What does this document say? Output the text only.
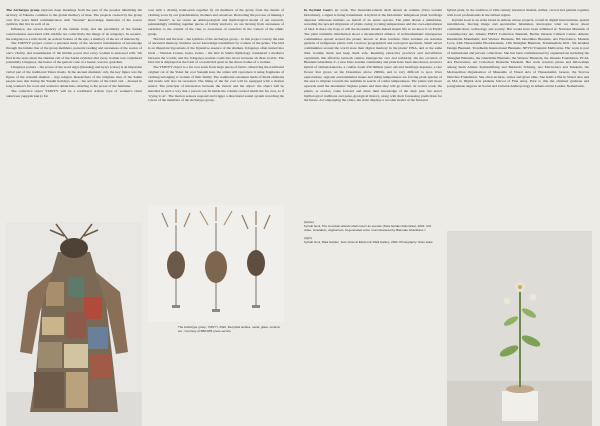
The Archetype group explores deep meanings from the past of the peoples inhabiting the territory of Yakutia, common to the global memory of man. The projects created by the group over five years build communication with “internal” knowledge, memories of the source symbols that live in each of us.

Influence, the sacred memory of the female body, and the peculiarity of the female consciousness associated with wildlife are collectively the image of an udagança. In esoteric, the udagança is a relic motif, an archaic feature of the epic, a memory of the era of matriarchy.

The YMNYY project covers a personal study of the ancestral transmission of knowledge through the female line of the group members, personal reading and awareness of the source of one’s vitality, and transmission of the hidden power that every woman is endowed with. We find in the texts about the shaman call of the Sakha evidence that every woman was considered potentially Udagança, the bearer of the genetic code of a healer, warrior, guardian.

Udagança posters – the power of the word algys (blessing) and kyrys (curse) is an important verbal part of the traditional Yakut rituals. In the ancient shamanic cult, the key figure was the figure of the celestial shaman – aiyy udagan. Researchers of the religious rites of the Sakha people note that during the Yesekh holidays, men – the servants of the tribal cult – dressed in long women’s fur coats and women’s dabak hats, referring to the power of the feminine.

The collective object YMNYY will be a traditional archaic type of women’s ritual outerwear yeppyah kun (a fur

coat with a charm), hand-sewn together by all members of the group from the details of clothing worn by our grandmothers, mothers and ourselves. Recreating the process of making a ritual “dream”, as we create an anthropological and mythological model of our research, painstakingly stitching together pieces of family artefacts, we are moving from awareness of ourselves to the content of the clan, to awareness of ourselves in the context of the ethnic group.

The bird and the nest – the symbols of the Archetype group – in this project convey the idea of ancestral memory, intuitive secret knowledge transmitted by women of the genus. The bird is an important hypostasis of the figurative essence of the shaman. Udagança often turned into birds – Siberian Cranes, loons, swans – the bird in Sakha mythology considered a mediator between the worlds; and the Udagança-woman could also move between all three worlds. The bird cult is displayed in the form of a totem bird spirit in the ritual clothes of a woman.

The YMNYY object is a fur coat sewn from large pieces of fabric. Observing the traditional original cut of the Yakut fur coat Sanajah kun, the artists will reproduce it using fragments of clothing belonging to women of their family. The traditional ornament made of metal elements and beads will also be recreated. The lining of the fur coat will be equipped with a motion sensor. The principle of interaction between the viewer and the object: the object will be installed in such a way that a person can fit inside the volume created inside the fur coat, as if ‘trying it on’. The motion sensors respond and trigger a directional sound system recording the voices of the members of the Archetype group.

In Kyriaki Goni’s art work, The mountain-islands shall mourn an eremite (Taxa Garden Dolomites), a signal is being transmitted. A hybrid of the Dolomites’ indigenous plant Saxifraga depressa addresses humans on behalf of its entire species. The plant shares a simulation, revealing the upward migration of plants owing to rising temperatures and the over-exploitation of land. Is there any hope or will the mountain islands indeed mourn life as we know it on Earth? The plant transmits information about a decentralized alliance of technoshamanic interspecies communities spread around the planet, known as Data Gardens. Data Gardens are stateless gardens of indigenous plants with a narrow geographical and ecological spectrum. Small server communities around the world store their digital memory in the plants’ DNA, and at the same time worship them and keep them safe. Resisting extractive practices and surveillance capitalism, this affective network centres interspecies care and solidarity. On the occasion of Biennale Gherdëina ∞, a new Data Garden community and plant have been introduced, around a hybrid of Ortisei/Annorda, a conifer fossil 250 million years old and Saxifraga depressa, a rare flower that grows on the Dolomites above 2000m, and is very difficult to spot. Over explorations, regional environmental issues and rising temperatures are forcing plant species of the area to migrate towards the summits in search of colder temperatures. The plants will move upwards until the mountains’ highest points and then they will go extinct. In Goni’s work, the plants, as oracles, come forward and share their knowledge of the deep past, the area’s mythological traditions and paleo-geological history, along with their foreseeing predictions for the future. Accompanying the video, the artist displays a wooden model of the fictional

hybrid plant, in the tradition of 19th-century botanical models, milled, carved and painted together with local professionals in the Ortisei region.

Kyriaki Goni is an artist based in Athens whose projects, rooted in digital interventions, spatial installations, moving image and speculative fabulation, interrogate what we know about communication, technology and society. Her works have been exhibited at: National Museum of Contemporary Art, Athens; EMST Collection Telekom, Berlin; Onassis Cultural Centre, Athens; Kunsthalle Mannheim; 2nd Warsaw Biennale, 8th Gherdëina Biennale, Ars Electronica, Modern Love, 24th Thessaloniki Photobiennale, 13th Shanghai Biennale, Transmediale 2021, 5th Istanbul Design Biennial, Trondheim International Biennale, NEVO Triennial Melbourne. Her work is part of institutional and private collections. She has been commissioned by organisations including the Shanghai Biennale, the Gherdëina Biennale, the Warsaw Biennale, the Onassis Foundation, PCAI, Ars Electronica, Art Collection Deutsche Telekom. Her work receives prizes and fellowships among them Allianz Kulturstiftung and Bernardo Schiwig, Ars Electronica and Telekom, the Metropolitan Organisation of Museums of Visual Arts of Thessaloniki, Greece, the Stavros Niarchos Foundation. She often lectures, writes and gives talks. She holds a BA in Visual Arts and an MA in Digital Arts (Athens School of Fine Arts). Prior to this she obtained graduate and postgraduate degrees on Social and Cultural Anthropology in Athens and in Leiden, Netherlands.

The Archetype group, YMNYY, 2022, Recycled textiles, metal, glass, ceramic etc., Courtesy of BBCH55 press service
(below)
Kyriaki Goni, The mountain-islands shall mourn an eremite (Taxa Garden Dolomites), 2022, CGI video, simulation, original text, AI generated voice. Commissioned by Biennale Gherdëina ∞
(right)
Kyriaki Goni, Data Garden, Solo show at Electronic Walk Gallery, 2022. Photography: Giles Liske
